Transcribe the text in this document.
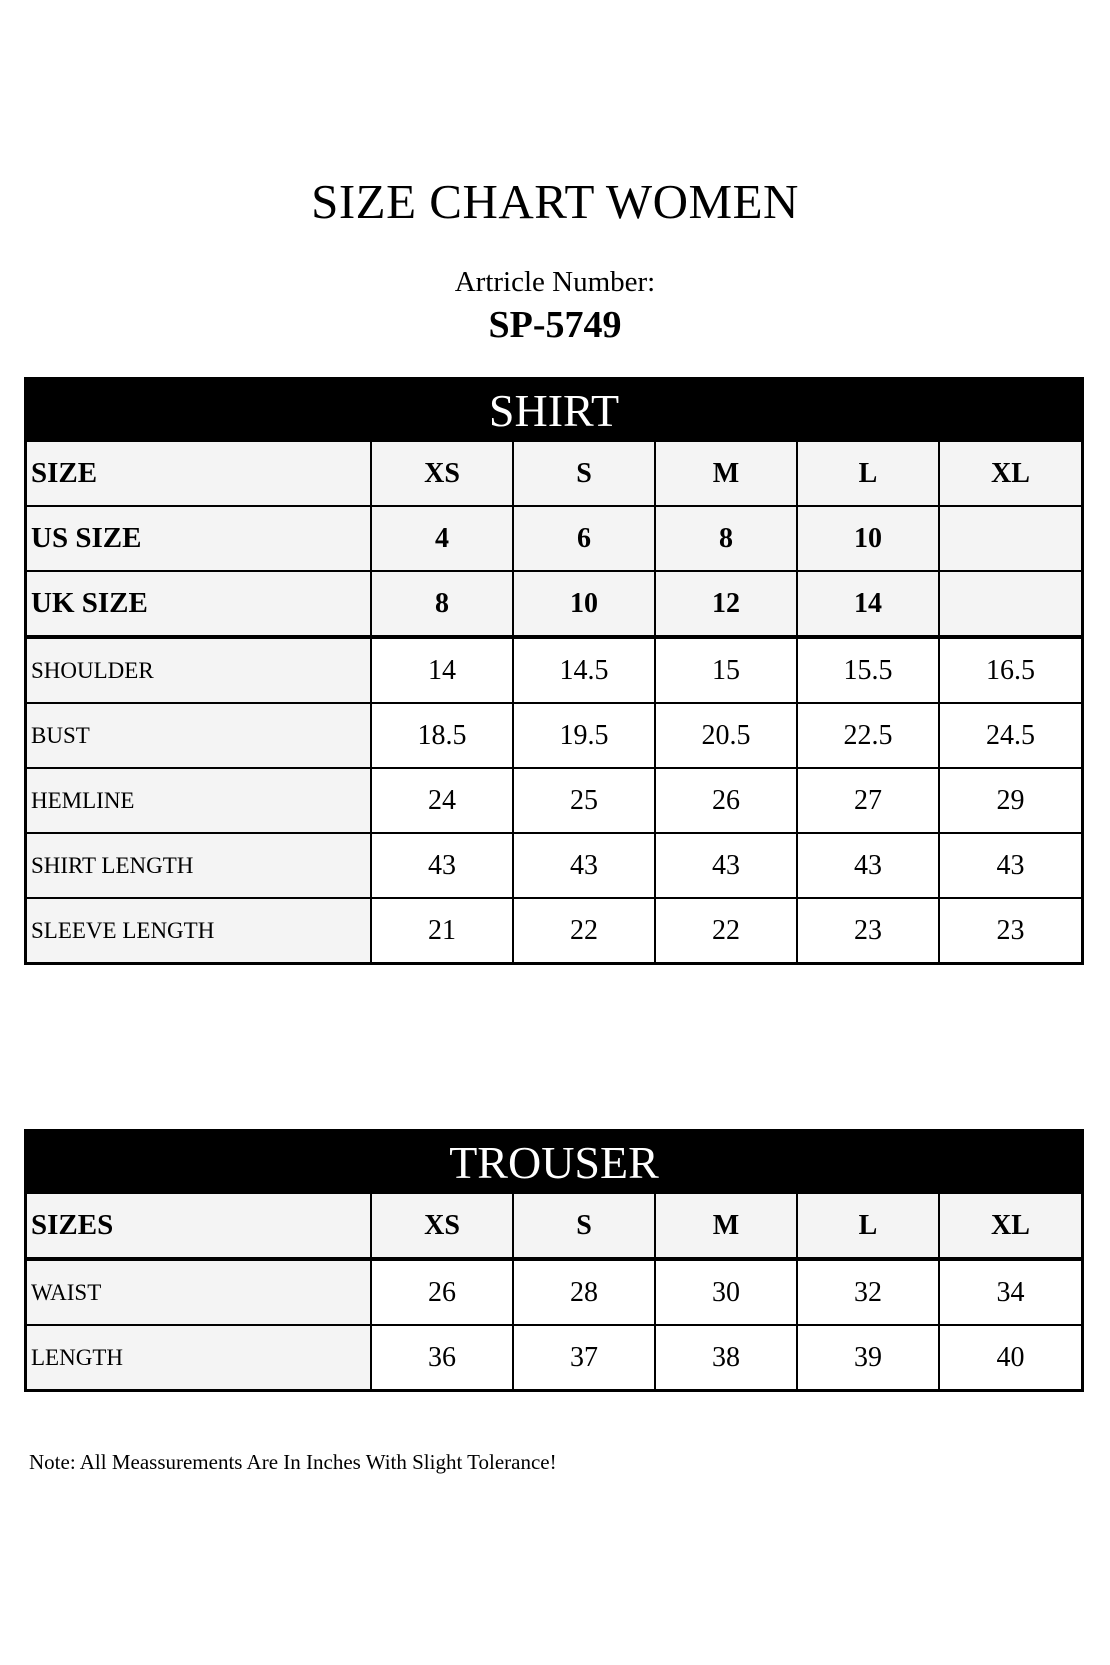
SIZE CHART WOMEN
Artricle Number:
SP-5749
SHIRT
SIZE	XS	S	M	L	XL
US SIZE	4	6	8	10	
UK SIZE	8	10	12	14	
SHOULDER	14	14.5	15	15.5	16.5
BUST	18.5	19.5	20.5	22.5	24.5
HEMLINE	24	25	26	27	29
SHIRT LENGTH	43	43	43	43	43
SLEEVE LENGTH	21	22	22	23	23
TROUSER
SIZES	XS	S	M	L	XL
WAIST	26	28	30	32	34
LENGTH	36	37	38	39	40
Note: All Meassurements Are In Inches With Slight Tolerance!
